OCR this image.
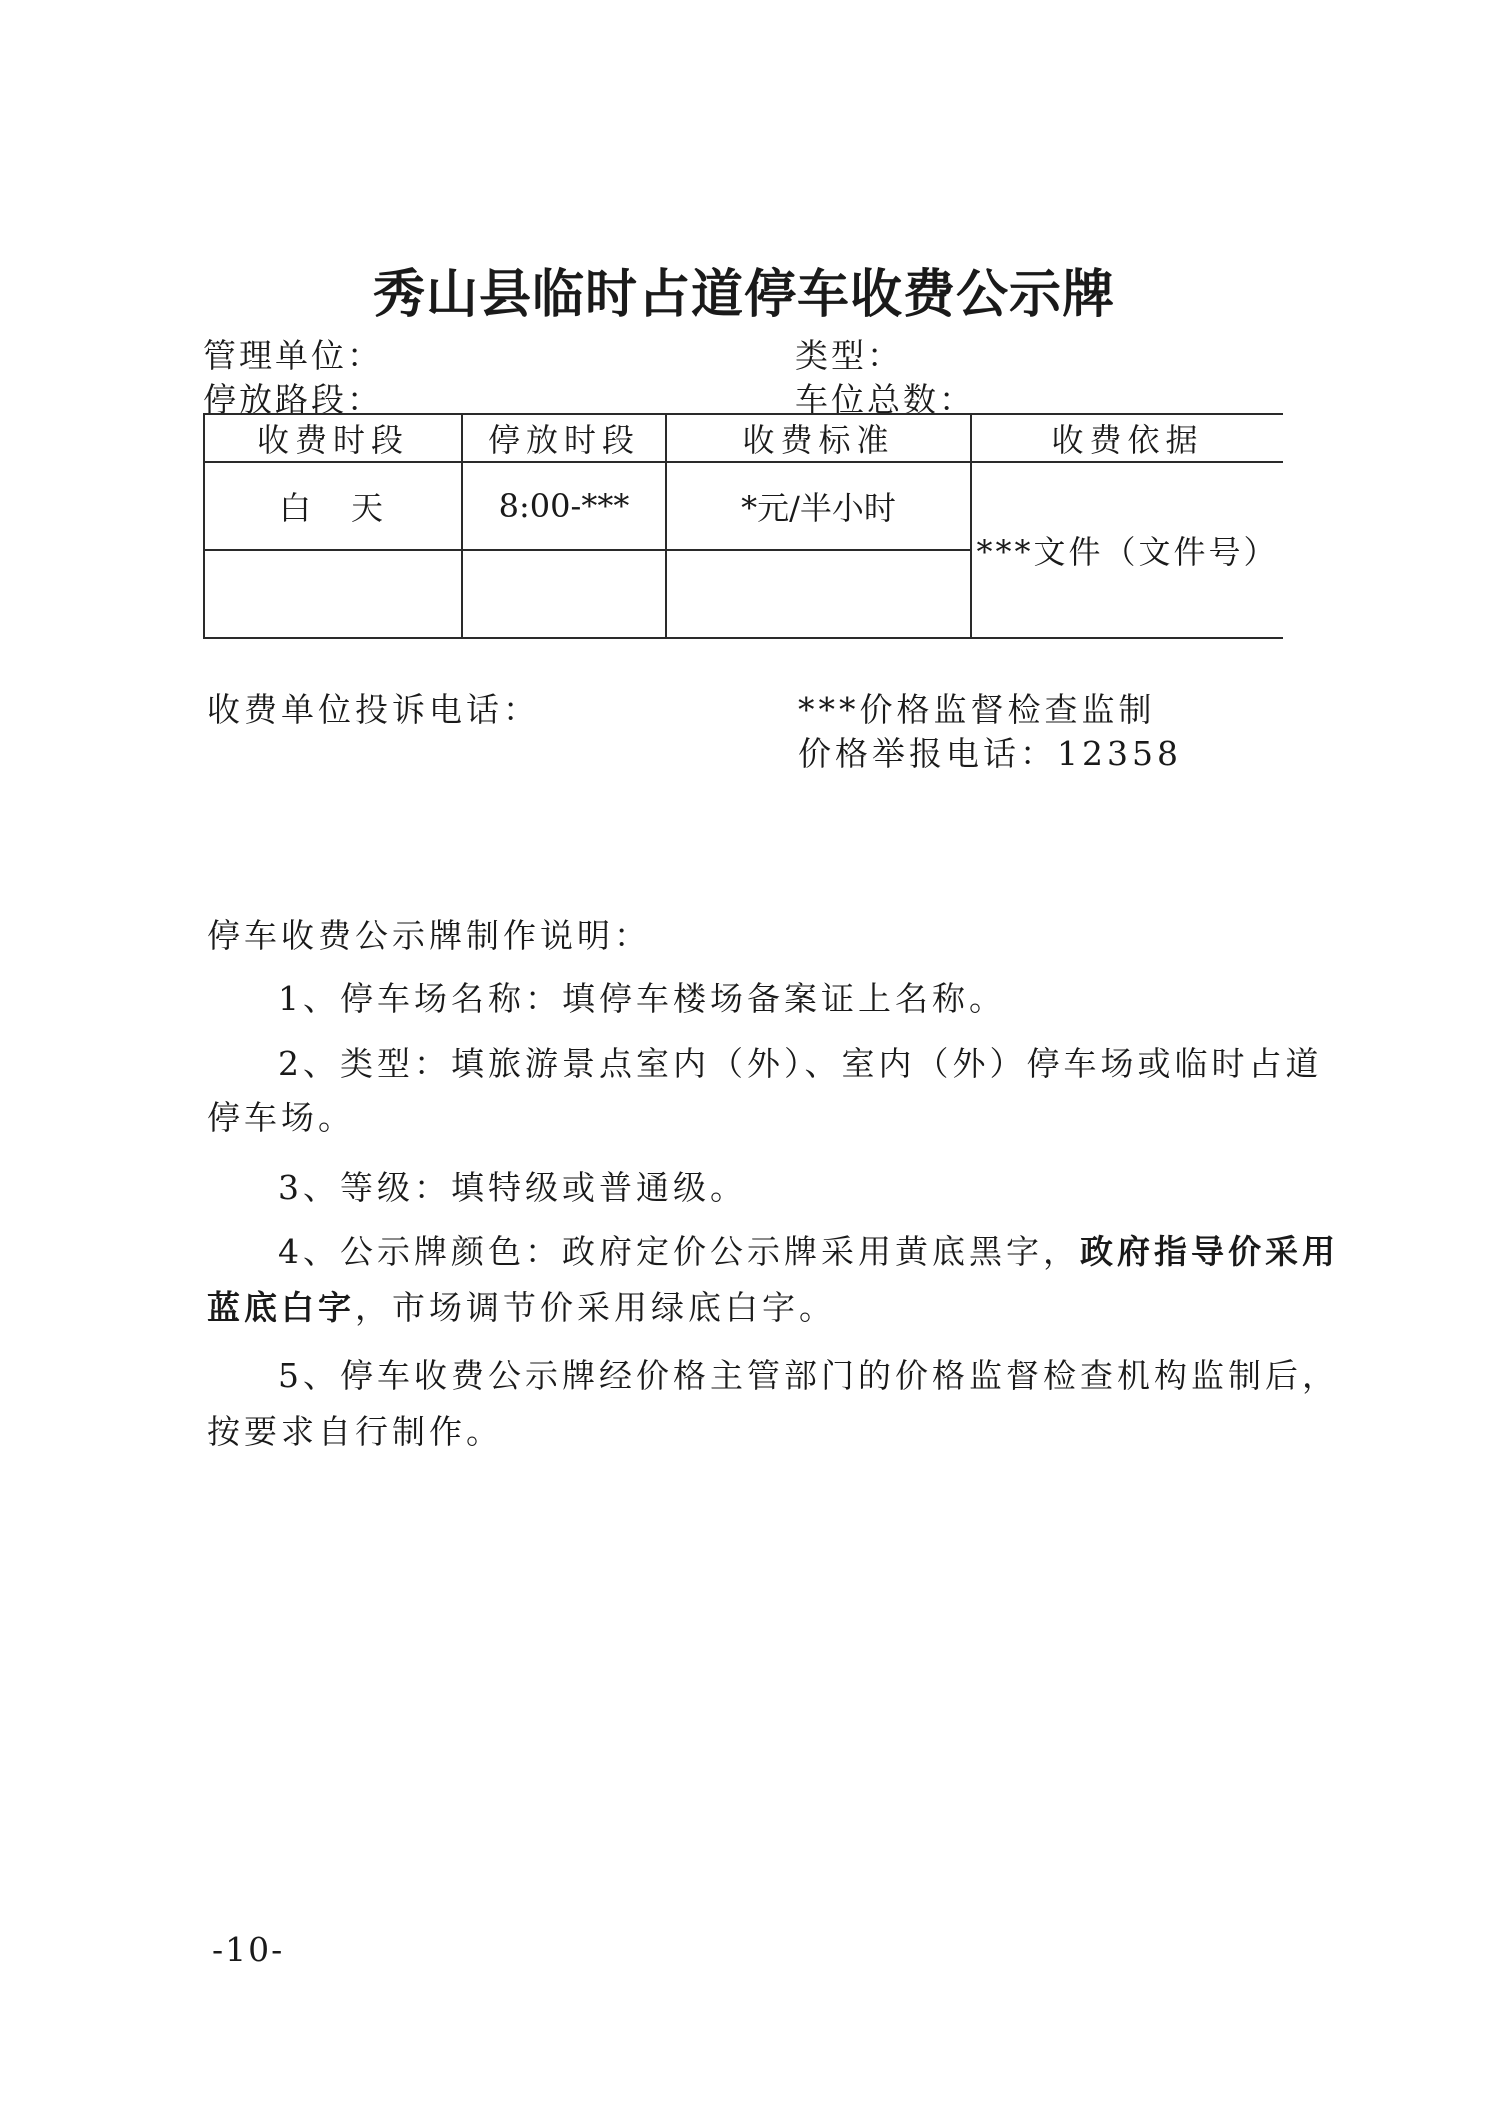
秀山县临时占道停车收费公示牌
管理单位：	类型：
停放路段：	车位总数：
收费时段	停放时段	收费标准	收费依据
白　天	8:00-***	*元/半小时	***文件（文件号）

收费单位投诉电话：	***价格监督检查监制
价格举报电话：12358
停车收费公示牌制作说明：
1、停车场名称：填停车楼场备案证上名称。
2、类型：填旅游景点室内（外）、室内（外）停车场或临时占道
停车场。
3、等级：填特级或普通级。
4、公示牌颜色：政府定价公示牌采用黄底黑字，政府指导价采用
蓝底白字，市场调节价采用绿底白字。
5、停车收费公示牌经价格主管部门的价格监督检查机构监制后，
按要求自行制作。
-10-
